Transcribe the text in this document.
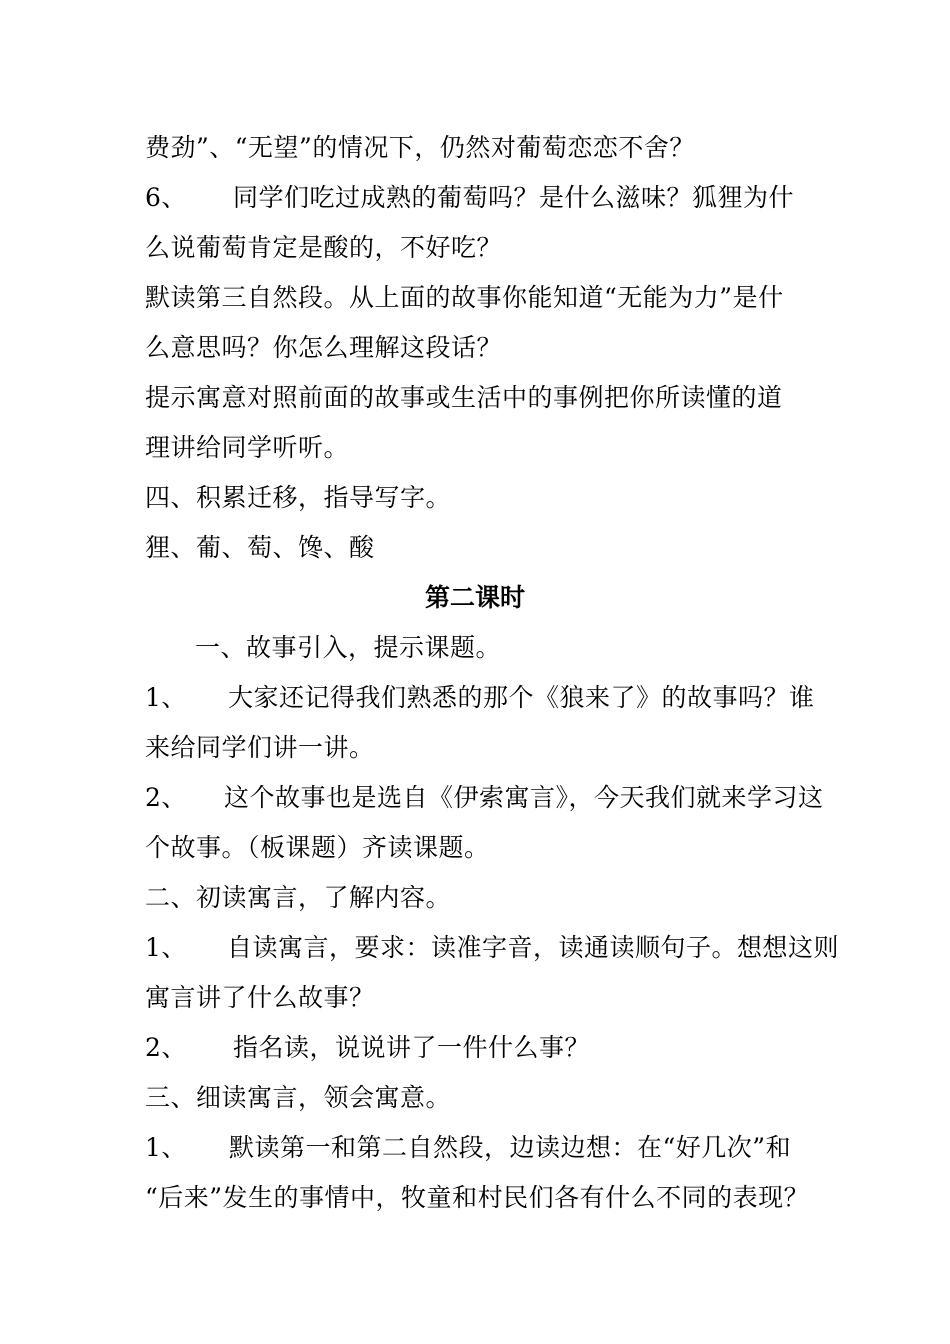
费劲”、“无望”的情况下，仍然对葡萄恋恋不舍？
6、 同学们吃过成熟的葡萄吗？是什么滋味？狐狸为什
么说葡萄肯定是酸的，不好吃？
默读第三自然段。从上面的故事你能知道“无能为力”是什
么意思吗？你怎么理解这段话？
提示寓意对照前面的故事或生活中的事例把你所读懂的道
理讲给同学听听。
四、积累迁移，指导写字。
狸、葡、萄、馋、酸
第二课时
一、故事引入，提示课题。
1、 大家还记得我们熟悉的那个《狼来了》的故事吗？谁
来给同学们讲一讲。
2、 这个故事也是选自《伊索寓言》，今天我们就来学习这
个故事。（板课题）齐读课题。
二、初读寓言，了解内容。
1、 自读寓言，要求：读准字音，读通读顺句子。想想这则
寓言讲了什么故事？
2、 指名读，说说讲了一件什么事？
三、细读寓言，领会寓意。
1、 默读第一和第二自然段，边读边想：在“好几次”和
“后来”发生的事情中，牧童和村民们各有什么不同的表现？
